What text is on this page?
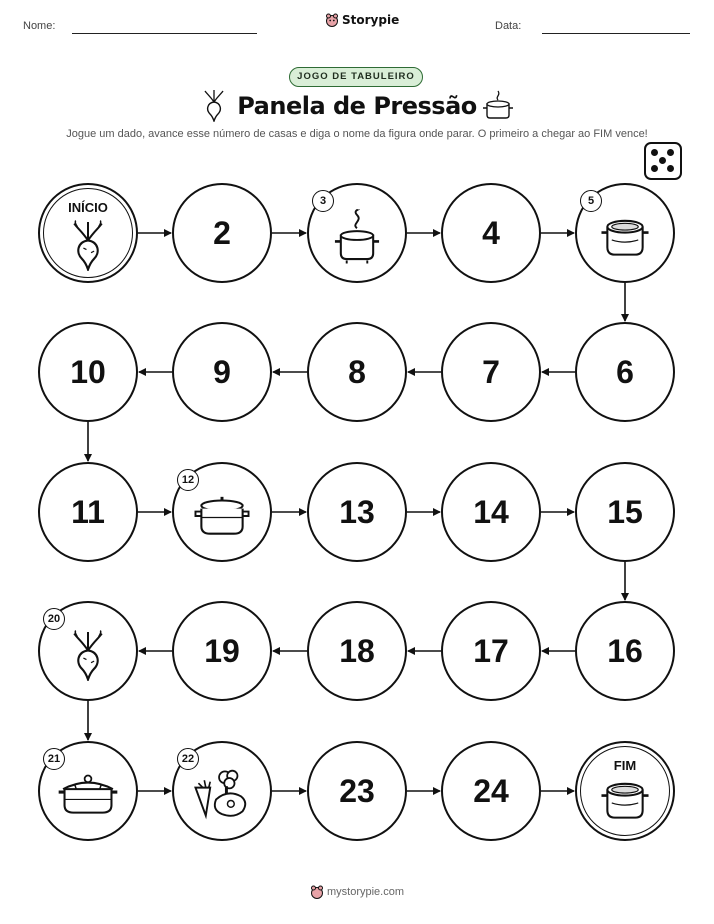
Nome:	Storypie	Data:
JOGO DE TABULEIRO
Panela de Pressão
Jogue um dado, avance esse número de casas e diga o nome da figura onde parar. O primeiro a chegar ao FIM vence!
INÍCIO
2
3
4
5
6
7
8
9
10
11
12
13	14	15
16
17
18
19
20
21	22
23	24
FIM
mystorypie.com
